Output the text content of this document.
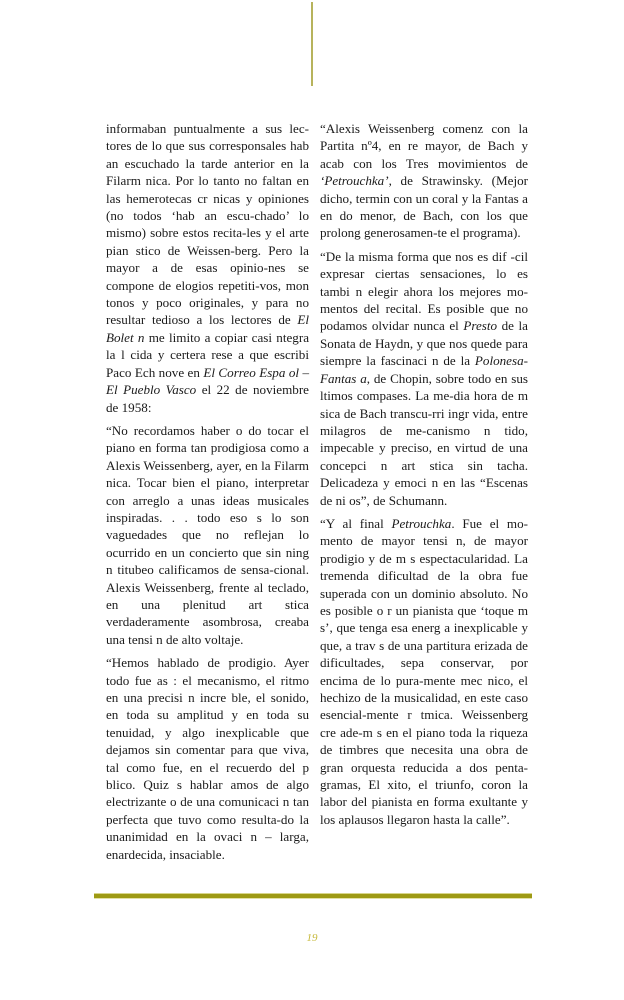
informaban puntualmente a sus lec-tores de lo que sus corresponsales hab an escuchado la tarde anterior en la Filarm nica. Por lo tanto no faltan en las hemerotecas cr nicas y opiniones (no todos ‘hab an escu-chado’ lo mismo) sobre estos recita-les y el arte pian stico de Weissen-berg. Pero la mayor a de esas opinio-nes se compone de elogios repetiti-vos, mon tonos y poco originales, y para no resultar tedioso a los lectores de El Bolet n me limito a copiar casi ntegra la l cida y certera rese a que escribi Paco Ech nove en El Correo Espa ol – El Pueblo Vasco el 22 de noviembre de 1958:

“No recordamos haber o do tocar el piano en forma tan prodigiosa como a Alexis Weissenberg, ayer, en la Filarm nica. Tocar bien el piano, interpretar con arreglo a unas ideas musicales inspiradas. . . todo eso s lo son vaguedades que no reflejan lo ocurrido en un concierto que sin ning n titubeo calificamos de sensa-cional. Alexis Weissenberg, frente al teclado, en una plenitud art stica verdaderamente asombrosa, creaba una tensi n de alto voltaje.

“Hemos hablado de prodigio. Ayer todo fue as : el mecanismo, el ritmo en una precisi n incre ble, el sonido, en toda su amplitud y en toda su tenuidad, y algo inexplicable que dejamos sin comentar para que viva, tal como fue, en el recuerdo del p blico. Quiz s hablar amos de algo electrizante o de una comunicaci n tan perfecta que tuvo como resulta-do la unanimidad en la ovaci n – larga, enardecida, insaciable.

“Alexis Weissenberg comenz con la Partita nº4, en re mayor, de Bach y acab con los Tres movimientos de ‘Petrouchka’, de Strawinsky. (Mejor dicho, termin con un coral y la Fantas a en do menor, de Bach, con los que prolong generosamen-te el programa).

“De la misma forma que nos es dif -cil expresar ciertas sensaciones, lo es tambi n elegir ahora los mejores mo-mentos del recital. Es posible que no podamos olvidar nunca el Presto de la Sonata de Haydn, y que nos quede para siempre la fascinaci n de la Polonesa-Fantas a, de Chopin, sobre todo en sus ltimos compases. La me-dia hora de m sica de Bach transcu-rri ingr vida, entre milagros de me-canismo n tido, impecable y preciso, en virtud de una concepci n art stica sin tacha. Delicadeza y emoci n en las “Escenas de ni os”, de Schumann.

“Y al final Petrouchka. Fue el mo-mento de mayor tensi n, de mayor prodigio y de m s espectacularidad. La tremenda dificultad de la obra fue superada con un dominio absoluto. No es posible o r un pianista que ‘toque m s’, que tenga esa energ a inexplicable y que, a trav s de una partitura erizada de dificultades, sepa conservar, por encima de lo pura-mente mec nico, el hechizo de la musicalidad, en este caso esencial-mente r tmica. Weissenberg cre ade-m s en el piano toda la riqueza de timbres que necesita una obra de gran orquesta reducida a dos penta-gramas, El xito, el triunfo, coron la labor del pianista en forma exultante y los aplausos llegaron hasta la calle”.

19
